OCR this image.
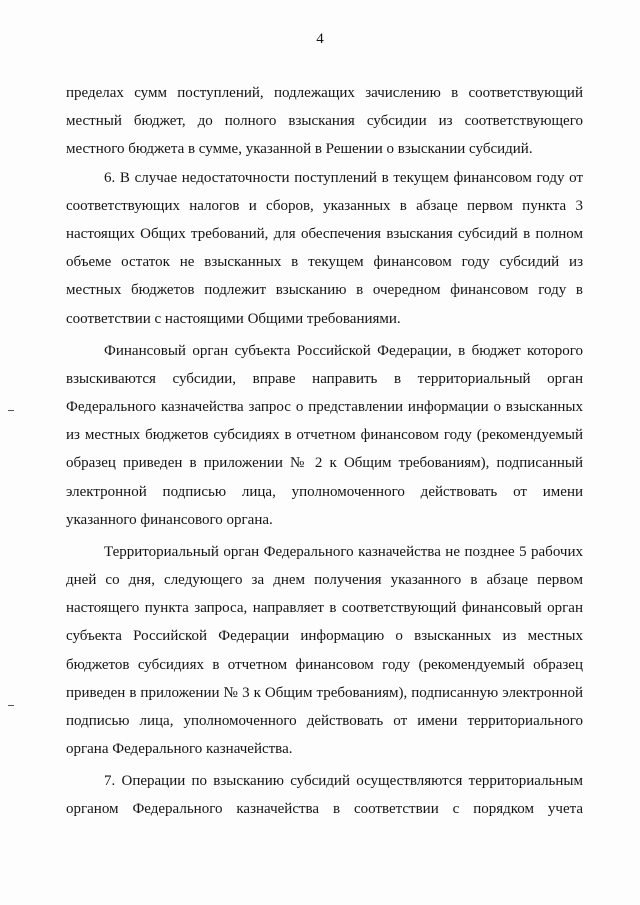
4
пределах сумм поступлений, подлежащих зачислению в соответствующий
местный бюджет, до полного взыскания субсидии из соответствующего
местного бюджета в сумме, указанной в Решении о взыскании субсидий.
6. В случае недостаточности поступлений в текущем финансовом году от
соответствующих налогов и сборов, указанных в абзаце первом пункта 3
настоящих Общих требований, для обеспечения взыскания субсидий в полном
объеме остаток не взысканных в текущем финансовом году субсидий из
местных бюджетов подлежит взысканию в очередном финансовом году в
соответствии с настоящими Общими требованиями.
Финансовый орган субъекта Российской Федерации, в бюджет которого
взыскиваются субсидии, вправе направить в территориальный орган
Федерального казначейства запрос о представлении информации о взысканных
из местных бюджетов субсидиях в отчетном финансовом году (рекомендуемый
образец приведен в приложении № 2 к Общим требованиям), подписанный
электронной подписью лица, уполномоченного действовать от имени
указанного финансового органа.
Территориальный орган Федерального казначейства не позднее 5 рабочих
дней со дня, следующего за днем получения указанного в абзаце первом
настоящего пункта запроса, направляет в соответствующий финансовый орган
субъекта Российской Федерации информацию о взысканных из местных
бюджетов субсидиях в отчетном финансовом году (рекомендуемый образец
приведен в приложении № 3 к Общим требованиям), подписанную электронной
подписью лица, уполномоченного действовать от имени территориального
органа Федерального казначейства.
7. Операции по взысканию субсидий осуществляются территориальным
органом Федерального казначейства в соответствии с порядком учета
